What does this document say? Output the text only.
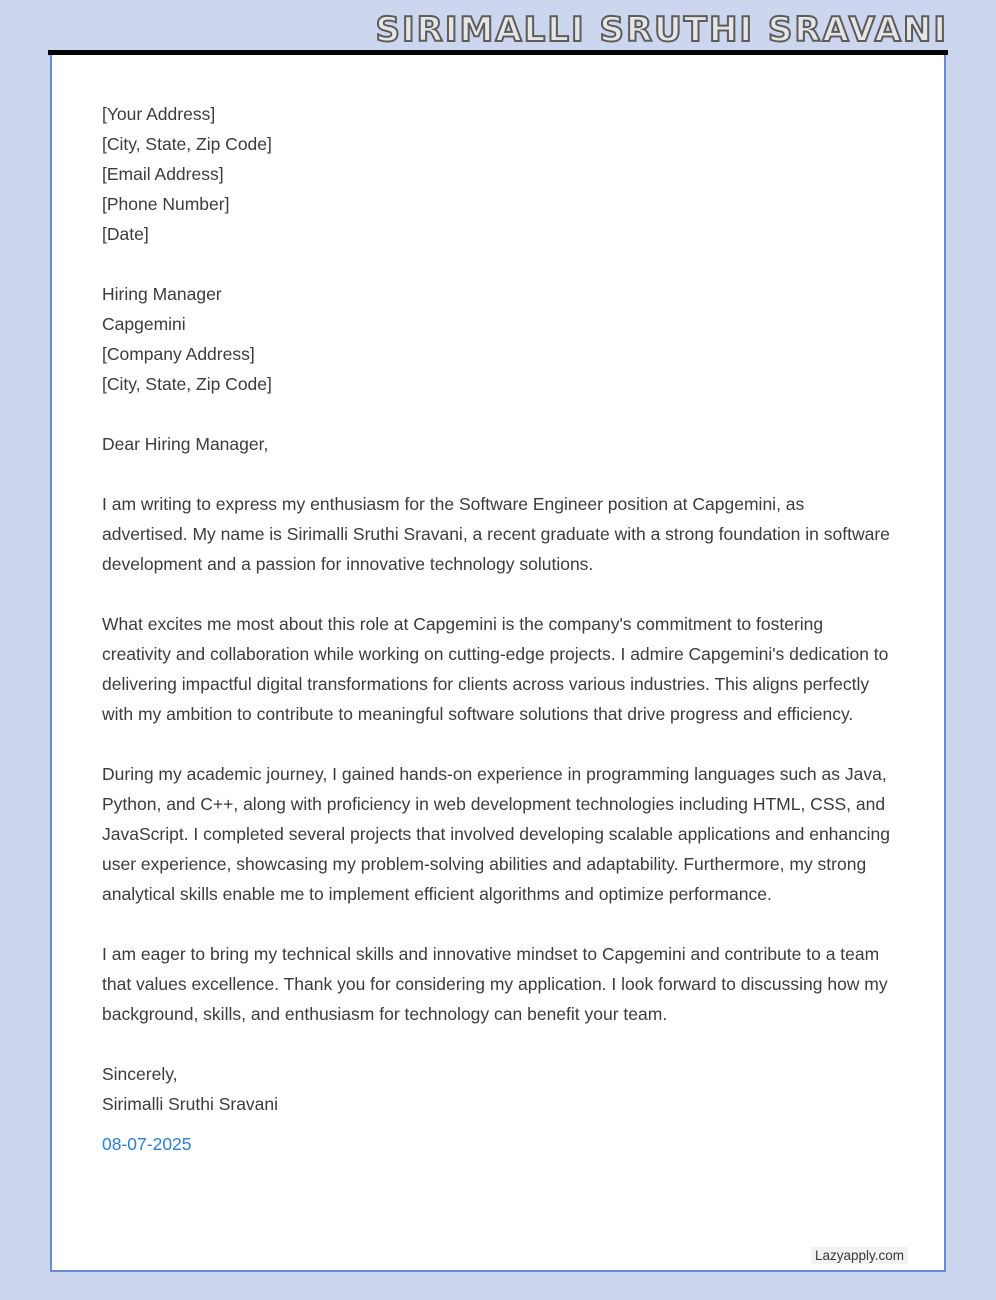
SIRIMALLI SRUTHI SRAVANI

[Your Address]

[City, State, Zip Code]

[Email Address]

[Phone Number]

[Date]

Hiring Manager

Capgemini

[Company Address]

[City, State, Zip Code]

Dear Hiring Manager,

I am writing to express my enthusiasm for the Software Engineer position at Capgemini, as advertised. My name is Sirimalli Sruthi Sravani, a recent graduate with a strong foundation in software development and a passion for innovative technology solutions.

What excites me most about this role at Capgemini is the company's commitment to fostering creativity and collaboration while working on cutting-edge projects. I admire Capgemini's dedication to delivering impactful digital transformations for clients across various industries. This aligns perfectly with my ambition to contribute to meaningful software solutions that drive progress and efficiency.

During my academic journey, I gained hands-on experience in programming languages such as Java, Python, and C++, along with proficiency in web development technologies including HTML, CSS, and JavaScript. I completed several projects that involved developing scalable applications and enhancing user experience, showcasing my problem-solving abilities and adaptability. Furthermore, my strong analytical skills enable me to implement efficient algorithms and optimize performance.

I am eager to bring my technical skills and innovative mindset to Capgemini and contribute to a team that values excellence. Thank you for considering my application. I look forward to discussing how my background, skills, and enthusiasm for technology can benefit your team.

Sincerely,

Sirimalli Sruthi Sravani

08-07-2025

Lazyapply.com
